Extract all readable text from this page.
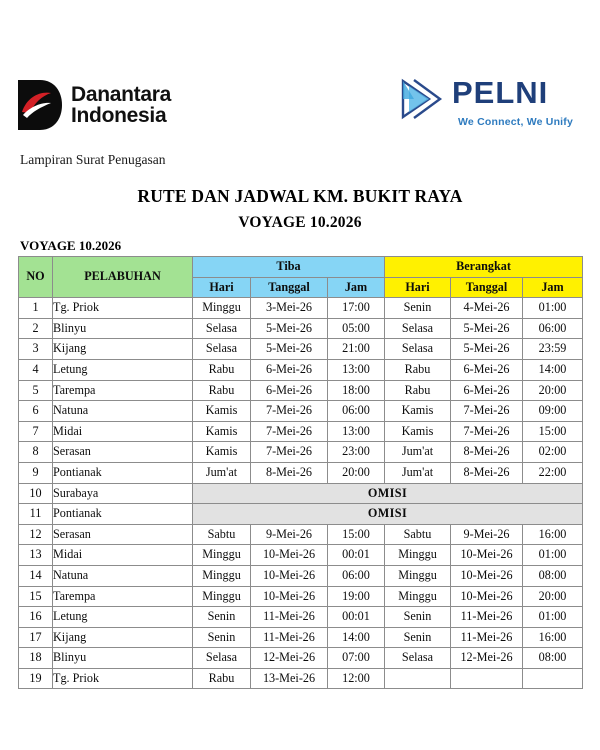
Danantara
Indonesia
PELNI
We Connect, We Unify
Lampiran Surat Penugasan
RUTE DAN JADWAL KM. BUKIT RAYA
VOYAGE 10.2026
VOYAGE 10.2026
NO	PELABUHAN	Tiba			Berangkat		
		Hari	Tanggal	Jam	Hari	Tanggal	Jam
1	Tg. Priok	Minggu	3-Mei-26	17:00	Senin	4-Mei-26	01:00
2	Blinyu	Selasa	5-Mei-26	05:00	Selasa	5-Mei-26	06:00
3	Kijang	Selasa	5-Mei-26	21:00	Selasa	5-Mei-26	23:59
4	Letung	Rabu	6-Mei-26	13:00	Rabu	6-Mei-26	14:00
5	Tarempa	Rabu	6-Mei-26	18:00	Rabu	6-Mei-26	20:00
6	Natuna	Kamis	7-Mei-26	06:00	Kamis	7-Mei-26	09:00
7	Midai	Kamis	7-Mei-26	13:00	Kamis	7-Mei-26	15:00
8	Serasan	Kamis	7-Mei-26	23:00	Jum'at	8-Mei-26	02:00
9	Pontianak	Jum'at	8-Mei-26	20:00	Jum'at	8-Mei-26	22:00
10	Surabaya	OMISI					
11	Pontianak	OMISI					
12	Serasan	Sabtu	9-Mei-26	15:00	Sabtu	9-Mei-26	16:00
13	Midai	Minggu	10-Mei-26	00:01	Minggu	10-Mei-26	01:00
14	Natuna	Minggu	10-Mei-26	06:00	Minggu	10-Mei-26	08:00
15	Tarempa	Minggu	10-Mei-26	19:00	Minggu	10-Mei-26	20:00
16	Letung	Senin	11-Mei-26	00:01	Senin	11-Mei-26	01:00
17	Kijang	Senin	11-Mei-26	14:00	Senin	11-Mei-26	16:00
18	Blinyu	Selasa	12-Mei-26	07:00	Selasa	12-Mei-26	08:00
19	Tg. Priok	Rabu	13-Mei-26	12:00			
